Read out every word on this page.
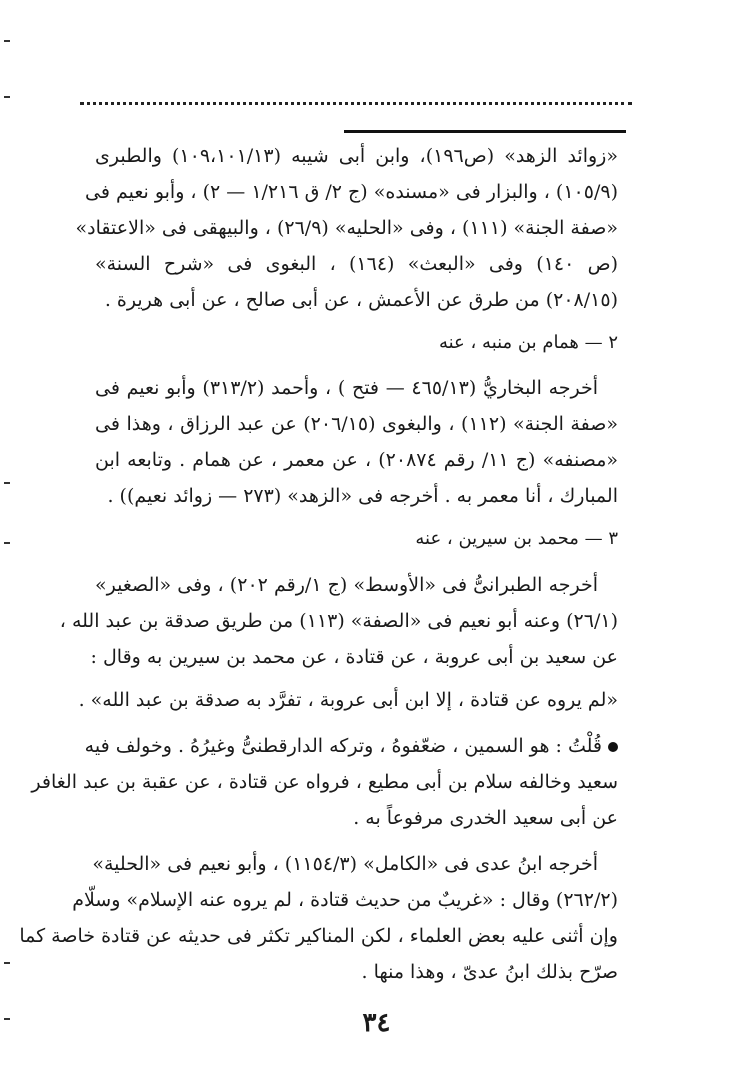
«زوائد الزهد» (ص١٩٦)، وابن أبى شيبه (١٠٩،١٠١/١٣) والطبرى
(١٠٥/٩) ، والبزار فى «مسنده» (ج ٢/ ق ١/٢١٦ — ٢) ، وأبو نعيم فى
«صفة الجنة» (١١١) ، وفى «الحليه» (٢٦/٩) ، والبيهقى فى «الاعتقاد»
(ص ١٤٠) وفى «البعث» (١٦٤) ، البغوى فى «شرح السنة»
(٢٠٨/١٥) من طرق عن الأعمش ، عن أبى صالح ، عن أبى هريرة .
٢ — همام بن منبه ، عنه
أخرجه البخاريُّ (٤٦٥/١٣ — فتح ) ، وأحمد (٣١٣/٢) وأبو نعيم فى
«صفة الجنة» (١١٢) ، والبغوى (٢٠٦/١٥) عن عبد الرزاق ، وهذا فى
«مصنفه» (ج ١١/ رقم ٢٠٨٧٤) ، عن معمر ، عن همام . وتابعه ابن
المبارك ، أنا معمر به . أخرجه فى «الزهد» (٢٧٣ — زوائد نعيم)) .
٣ — محمد بن سيرين ، عنه
أخرجه الطبرانىُّ فى «الأوسط» (ج ١/رقم ٢٠٢) ، وفى «الصغير»
(٢٦/١) وعنه أبو نعيم فى «الصفة» (١١٣) من طريق صدقة بن عبد الله ،
عن سعيد بن أبى عروبة ، عن قتادة ، عن محمد بن سيرين به وقال :
«لم يروه عن قتادة ، إلا ابن أبى عروبة ، تفرَّد به صدقة بن عبد الله» .
قُلْتُ : هو السمين ، ضعّفوهُ ، وتركه الدارقطنىُّ وغيرُهُ . وخولف فيه
سعيد وخالفه سلام بن أبى مطيع ، فرواه عن قتادة ، عن عقبة بن عبد الغافر
عن أبى سعيد الخدرى مرفوعاً به .
أخرجه ابنُ عدى فى «الكامل» (١١٥٤/٣) ، وأبو نعيم فى «الحلية»
(٢٦٢/٢) وقال : «غريبٌ من حديث قتادة ، لم يروه عنه الإسلام» وسلّام
وإن أثنى عليه بعض العلماء ، لكن المناكير تكثر فى حديثه عن قتادة خاصة كما
صرّح بذلك ابنُ عدىّ ، وهذا منها .
٣٤
